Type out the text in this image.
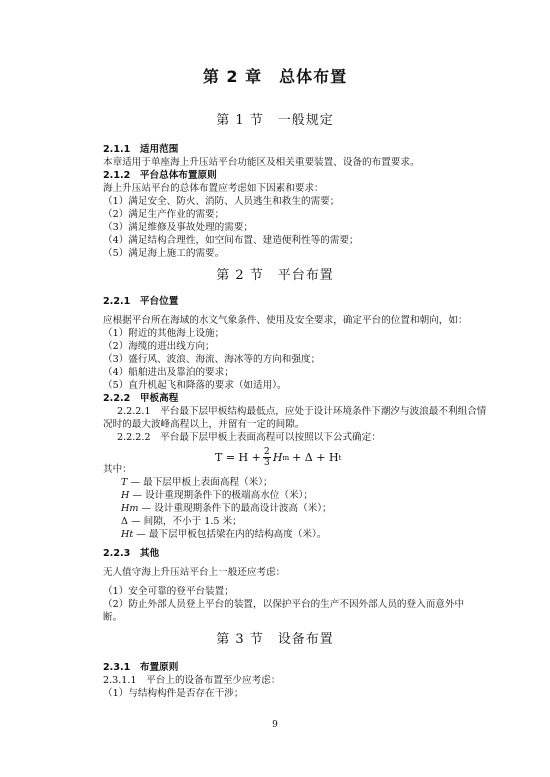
第 2 章　总体布置
第 1 节　一般规定
2.1.1　适用范围
本章适用于单座海上升压站平台功能区及相关重要装置、设备的布置要求。
2.1.2　平台总体布置原则
海上升压站平台的总体布置应考虑如下因素和要求：
（1）满足安全、防火、消防、人员逃生和救生的需要；
（2）满足生产作业的需要；
（3）满足维修及事故处理的需要；
（4）满足结构合理性，如空间布置、建造便利性等的需要；
（5）满足海上施工的需要。
第 2 节　平台布置
2.2.1　平台位置
应根据平台所在海域的水文气象条件、使用及安全要求，确定平台的位置和朝向，如：
（1）附近的其他海上设施；
（2）海缆的进出线方向；
（3）盛行风、波浪、海流、海冰等的方向和强度；
（4）船舶进出及靠泊的要求；
（5）直升机起飞和降落的要求（如适用）。
2.2.2　甲板高程
2.2.2.1　平台最下层甲板结构最低点，应处于设计环境条件下潮汐与波浪最不利组合情
况时的最大波峰高程以上，并留有一定的间隙。
2.2.2.2　平台最下层甲板上表面高程可以按照以下公式确定：
$T = H + \frac{2}{3}$ H m + Δ + H t
其中：
T — 最下层甲板上表面高程（米）；
H — 设计重现期条件下的极端高水位（米）；
Hm — 设计重现期条件下的最高设计波高（米）；
Δ — 间隙，不小于 1.5 米；
Ht — 最下层甲板包括梁在内的结构高度（米）。
2.2.3　其他
无人值守海上升压站平台上一般还应考虑：
（1）安全可靠的登平台装置；
（2）防止外部人员登上平台的装置，以保护平台的生产不因外部人员的登入而意外中
断。
第 3 节　设备布置
2.3.1　布置原则
2.3.1.1　平台上的设备布置至少应考虑：
（1）与结构构件是否存在干涉；
9
